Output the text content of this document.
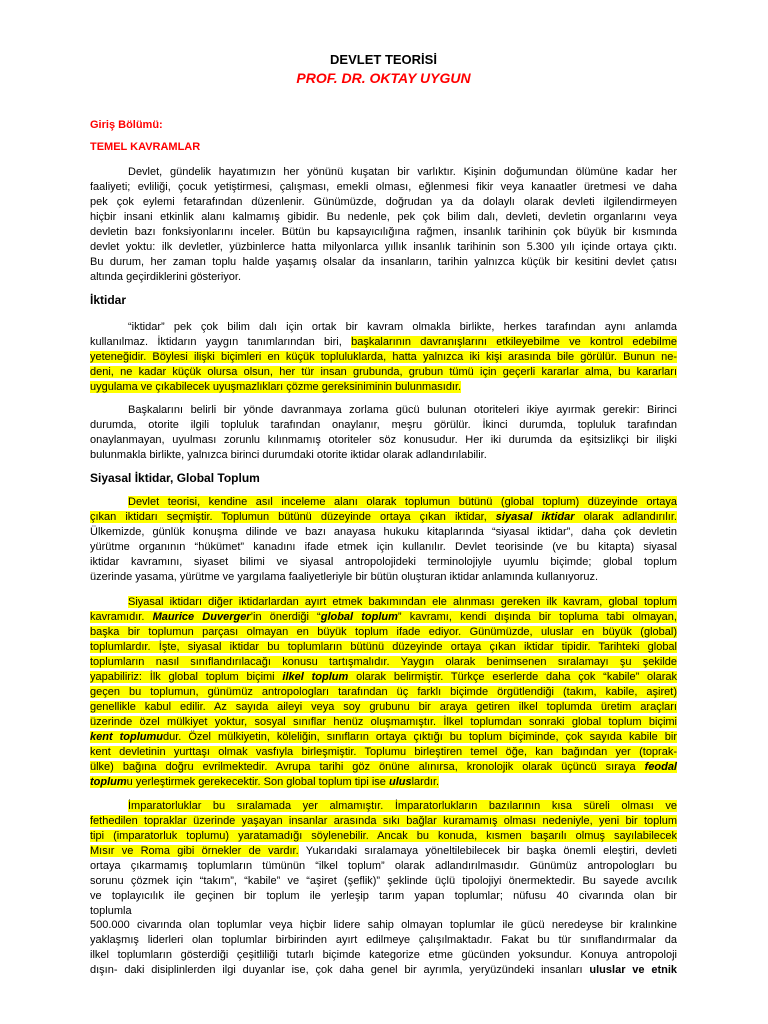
DEVLET TEORİSİ
PROF. DR. OKTAY UYGUN
Giriş Bölümü:
TEMEL KAVRAMLAR
Devlet, gündelik hayatımızın her yönünü kuşatan bir varlıktır. Kişinin doğumundan ölümüne kadar her
faaliyeti; evliliği, çocuk yetiştirmesi, çalışması, emekli olması, eğlenmesi fikir veya kanaatler üretmesi ve daha
pek çok eylemi fetarafından düzenlenir. Günümüzde, doğrudan ya da dolaylı olarak devleti ilgilendirmeyen
hiçbir insani etkinlik alanı kalmamış gibidir. Bu nedenle, pek çok bilim dalı, devleti, devletin organlarını veya
devletin bazı fonksiyonlarını inceler. Bütün bu kapsayıcılığına rağmen, insanlık tarihinin çok büyük bir kısmında
devlet yoktu: ilk devletler, yüzbinlerce hatta milyonlarca yıllık insanlık tarihinin son 5.300 yılı içinde ortaya çıktı.
Bu durum, her zaman toplu halde yaşamış olsalar da insanların, tarihin yalnızca küçük bir kesitini devlet çatısı
altında geçirdiklerini gösteriyor.
İktidar
“iktidar” pek çok bilim dalı için ortak bir kavram olmakla birlikte, herkes tarafından aynı anlamda
kullanılmaz. İktidarın yaygın tanımlarından biri, başkalarının davranışlarını etkileyebilme ve kontrol edebilme
yeteneğidir. Böylesi ilişki biçimleri en küçük topluluklarda, hatta yalnızca iki kişi arasında bile görülür. Bunun ne-
deni, ne kadar küçük olursa olsun, her tür insan grubunda, grubun tümü için geçerli kararlar alma, bu kararları
uygulama ve çıkabilecek uyuşmazlıkları çözme gereksiniminin bulunmasıdır.
Başkalarını belirli bir yönde davranmaya zorlama gücü bulunan otoriteleri ikiye ayırmak gerekir: Birinci
durumda, otorite ilgili topluluk tarafından onaylanır, meşru görülür. İkinci durumda, topluluk tarafından
onaylanmayan, uyulması zorunlu kılınmamış otoriteler söz konusudur. Her iki durumda da eşitsizlikçi bir ilişki
bulunmakla birlikte, yalnızca birinci durumdaki otorite iktidar olarak adlandırılabilir.
Siyasal İktidar, Global Toplum
Devlet teorisi, kendine asıl inceleme alanı olarak toplumun bütünü (global toplum) düzeyinde ortaya
çıkan iktidarı seçmiştir. Toplumun bütünü düzeyinde ortaya çıkan iktidar, siyasal iktidar olarak adlandırılır.
Ülkemizde, günlük konuşma dilinde ve bazı anayasa hukuku kitaplarında “siyasal iktidar”, daha çok devletin
yürütme organının “hükümet” kanadını ifade etmek için kullanılır. Devlet teorisinde (ve bu kitapta) siyasal
iktidar kavramını, siyaset bilimi ve siyasal antropolojideki terminolojiyle uyumlu biçimde; global toplum
üzerinde yasama, yürütme ve yargılama faaliyetleriyle bir bütün oluşturan iktidar anlamında kullanıyoruz.
Siyasal iktidarı diğer iktidarlardan ayırt etmek bakımından ele alınması gereken ilk kavram, global toplum
kavramıdır. Maurice Duverger’in önerdiği “global toplum” kavramı, kendi dışında bir topluma tabi olmayan,
başka bir toplumun parçası olmayan en büyük toplum ifade ediyor. Günümüzde, uluslar en büyük (global)
toplumlardır. İşte, siyasal iktidar bu toplumların bütünü düzeyinde ortaya çıkan iktidar tipidir. Tarihteki global
toplumların nasıl sınıflandırılacağı konusu tartışmalıdır. Yaygın olarak benimsenen sıralamayı şu şekilde
yapabiliriz: İlk global toplum biçimi ilkel toplum olarak belirmiştir. Türkçe eserlerde daha çok “kabile” olarak
geçen bu toplumun, günümüz antropologları tarafından üç farklı biçimde örgütlendiği (takım, kabile, aşiret)
genellikle kabul edilir. Az sayıda aileyi veya soy grubunu bir araya getiren ilkel toplumda üretim araçları
üzerinde özel mülkiyet yoktur, sosyal sınıflar henüz oluşmamıştır. İlkel toplumdan sonraki global toplum biçimi
kent toplumudur. Özel mülkiyetin, köleliğin, sınıfların ortaya çıktığı bu toplum biçiminde, çok sayıda kabile bir
kent devletinin yurttaşı olmak vasfıyla birleşmiştir. Toplumu birleştiren temel öğe, kan bağından yer (toprak-
ülke) bağına doğru evrilmektedir. Avrupa tarihi göz önüne alınırsa, kronolojik olarak üçüncü sıraya feodal
toplumu yerleştirmek gerekecektir. Son global toplum tipi ise uluslardır.
İmparatorluklar bu sıralamada yer almamıştır. İmparatorlukların bazılarının kısa süreli olması ve
fethedilen topraklar üzerinde yaşayan insanlar arasında sıkı bağlar kuramamış olması nedeniyle, yeni bir toplum
tipi (imparatorluk toplumu) yaratamadığı söylenebilir. Ancak bu konuda, kısmen başarılı olmuş sayılabilecek
Mısır ve Roma gibi örnekler de vardır. Yukarıdaki sıralamaya yöneltilebilecek bir başka önemli eleştiri, devleti
ortaya çıkarmamış toplumların tümünün “ilkel toplum” olarak adlandırılmasıdır. Günümüz antropologları bu
sorunu çözmek için “takım”, “kabile” ve “aşiret (şeflik)” şeklinde üçlü tipolojiyi önermektedir. Bu sayede avcılık
ve toplayıcılık ile geçinen bir toplum ile yerleşip tarım yapan toplumlar; nüfusu 40 civarında olan bir
toplumla
500.000 civarında olan toplumlar veya hiçbir lidere sahip olmayan toplumlar ile gücü neredeyse bir kralınkine
yaklaşmış liderleri olan toplumlar birbirinden ayırt edilmeye çalışılmaktadır. Fakat bu tür sınıflandırmalar da
ilkel toplumların gösterdiği çeşitliliği tutarlı biçimde kategorize etme gücünden yoksundur. Konuya antropoloji
dışın- daki disiplinlerden ilgi duyanlar ise, çok daha genel bir ayrımla, yeryüzündeki insanları uluslar ve etnik
